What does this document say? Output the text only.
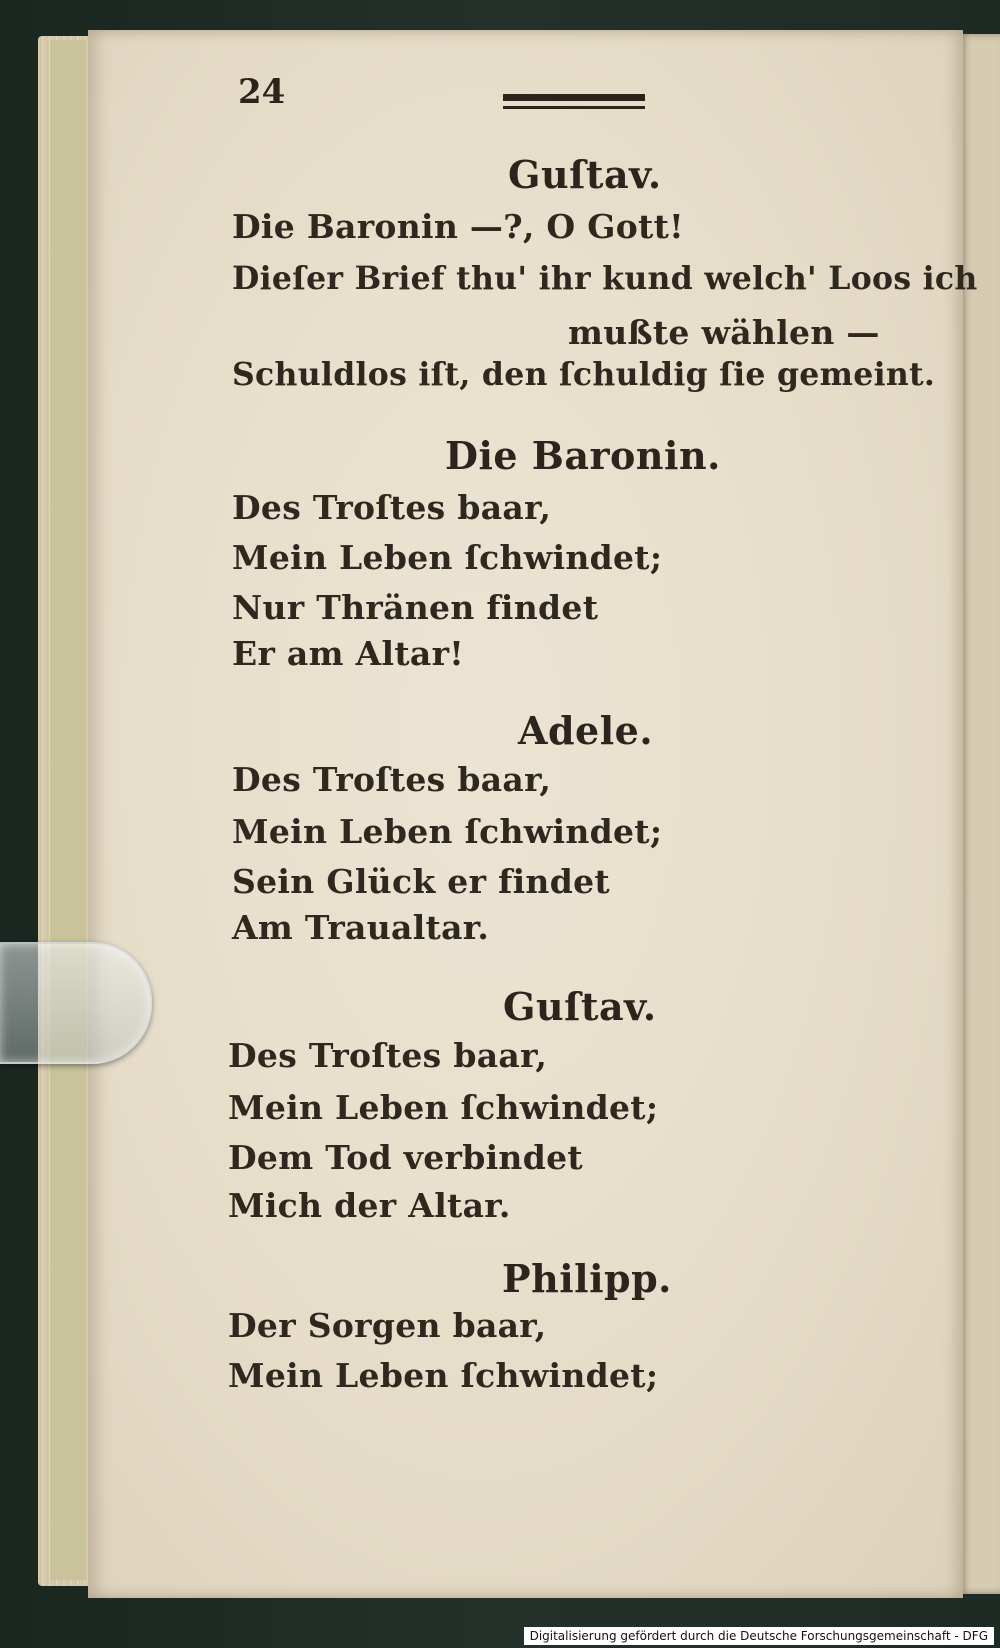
24
Guſtav.
Die Baronin —?, O Gott!
Dieſer Brief thu' ihr kund welch' Loos ich
mußte wählen —
Schuldlos iſt, den ſchuldig ſie gemeint.
Die Baronin.
Des Troſtes baar,
Mein Leben ſchwindet;
Nur Thränen findet
Er am Altar!
Adele.
Des Troſtes baar,
Mein Leben ſchwindet;
Sein Glück er findet
Am Traualtar.
Guſtav.
Des Troſtes baar,
Mein Leben ſchwindet;
Dem Tod verbindet
Mich der Altar.
Philipp.
Der Sorgen baar,
Mein Leben ſchwindet;
Digitalisierung gefördert durch die Deutsche Forschungsgemeinschaft - DFG
